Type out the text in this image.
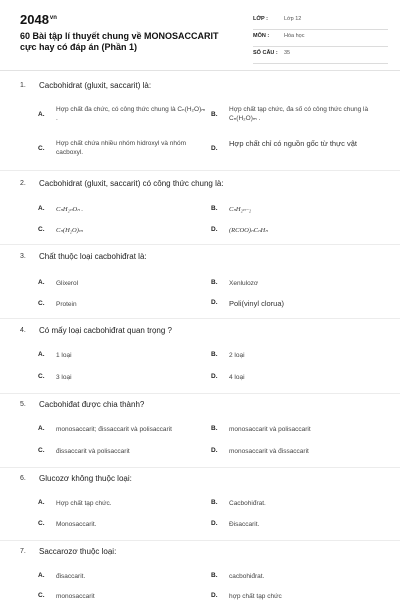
$2048^{vn}$
60 Bài tập lí thuyết chung về MONOSACCARIT cực hay có đáp án (Phần 1)
LỚP :	Lớp 12
MÔN :	Hóa học
SỐ CÂU : 35
1.	Cacbohidrat (gluxit, saccarit) là:
A.
Hợp chất đa chức, có công thức chung là Cₙ(H₂O)ₘ .
B.
Hợp chất tạp chức, đa số có công thức chung là Cₙ(H₂O)ₘ .
C.
Hợp chất chứa nhiều nhóm hidroxyl và nhóm cacboxyl.
D.
Hợp chất chỉ có nguồn gốc từ thực vật
2.	Cacbohidrat (gluxit, saccarit) có công thức chung là:
A.	CₙH₂ₙOₙ .	B.	CₙH₂ₙ₋₂
C.	Cₙ(H₂O)ₘ	D.	(RCOO)ₙCₙHₙ
3.	Chất thuộc loại cacbohiđrat là:
A.	Glixerol	B.	Xenlulozơ
C.	Protein	D.	Poli(vinyl clorua)
4.	Có mấy loại cacbohiđrat quan trọng ?
A.	1 loại	B.	2 loại
C.	3 loại	D.	4 loại
5.	Cacbohiđat được chia thành?
A.	monosaccarit; đissaccarit và polisaccarit	B.	monosaccarit và polisaccarit
C.	đissaccarit và polisaccarit	D.	monosaccarit và đissaccarit
6.	Glucozơ không thuộc loại:
A.	Hợp chất tạp chức.	B.	Cacbohiđrat.
C.	Monosaccarit.	D.	Đisaccarit.
7.	Saccarozơ thuộc loại:
A.	đisaccarit.	B.	cacbohiđrat.
C.	monosaccarit	D.	hợp chất tạp chức
